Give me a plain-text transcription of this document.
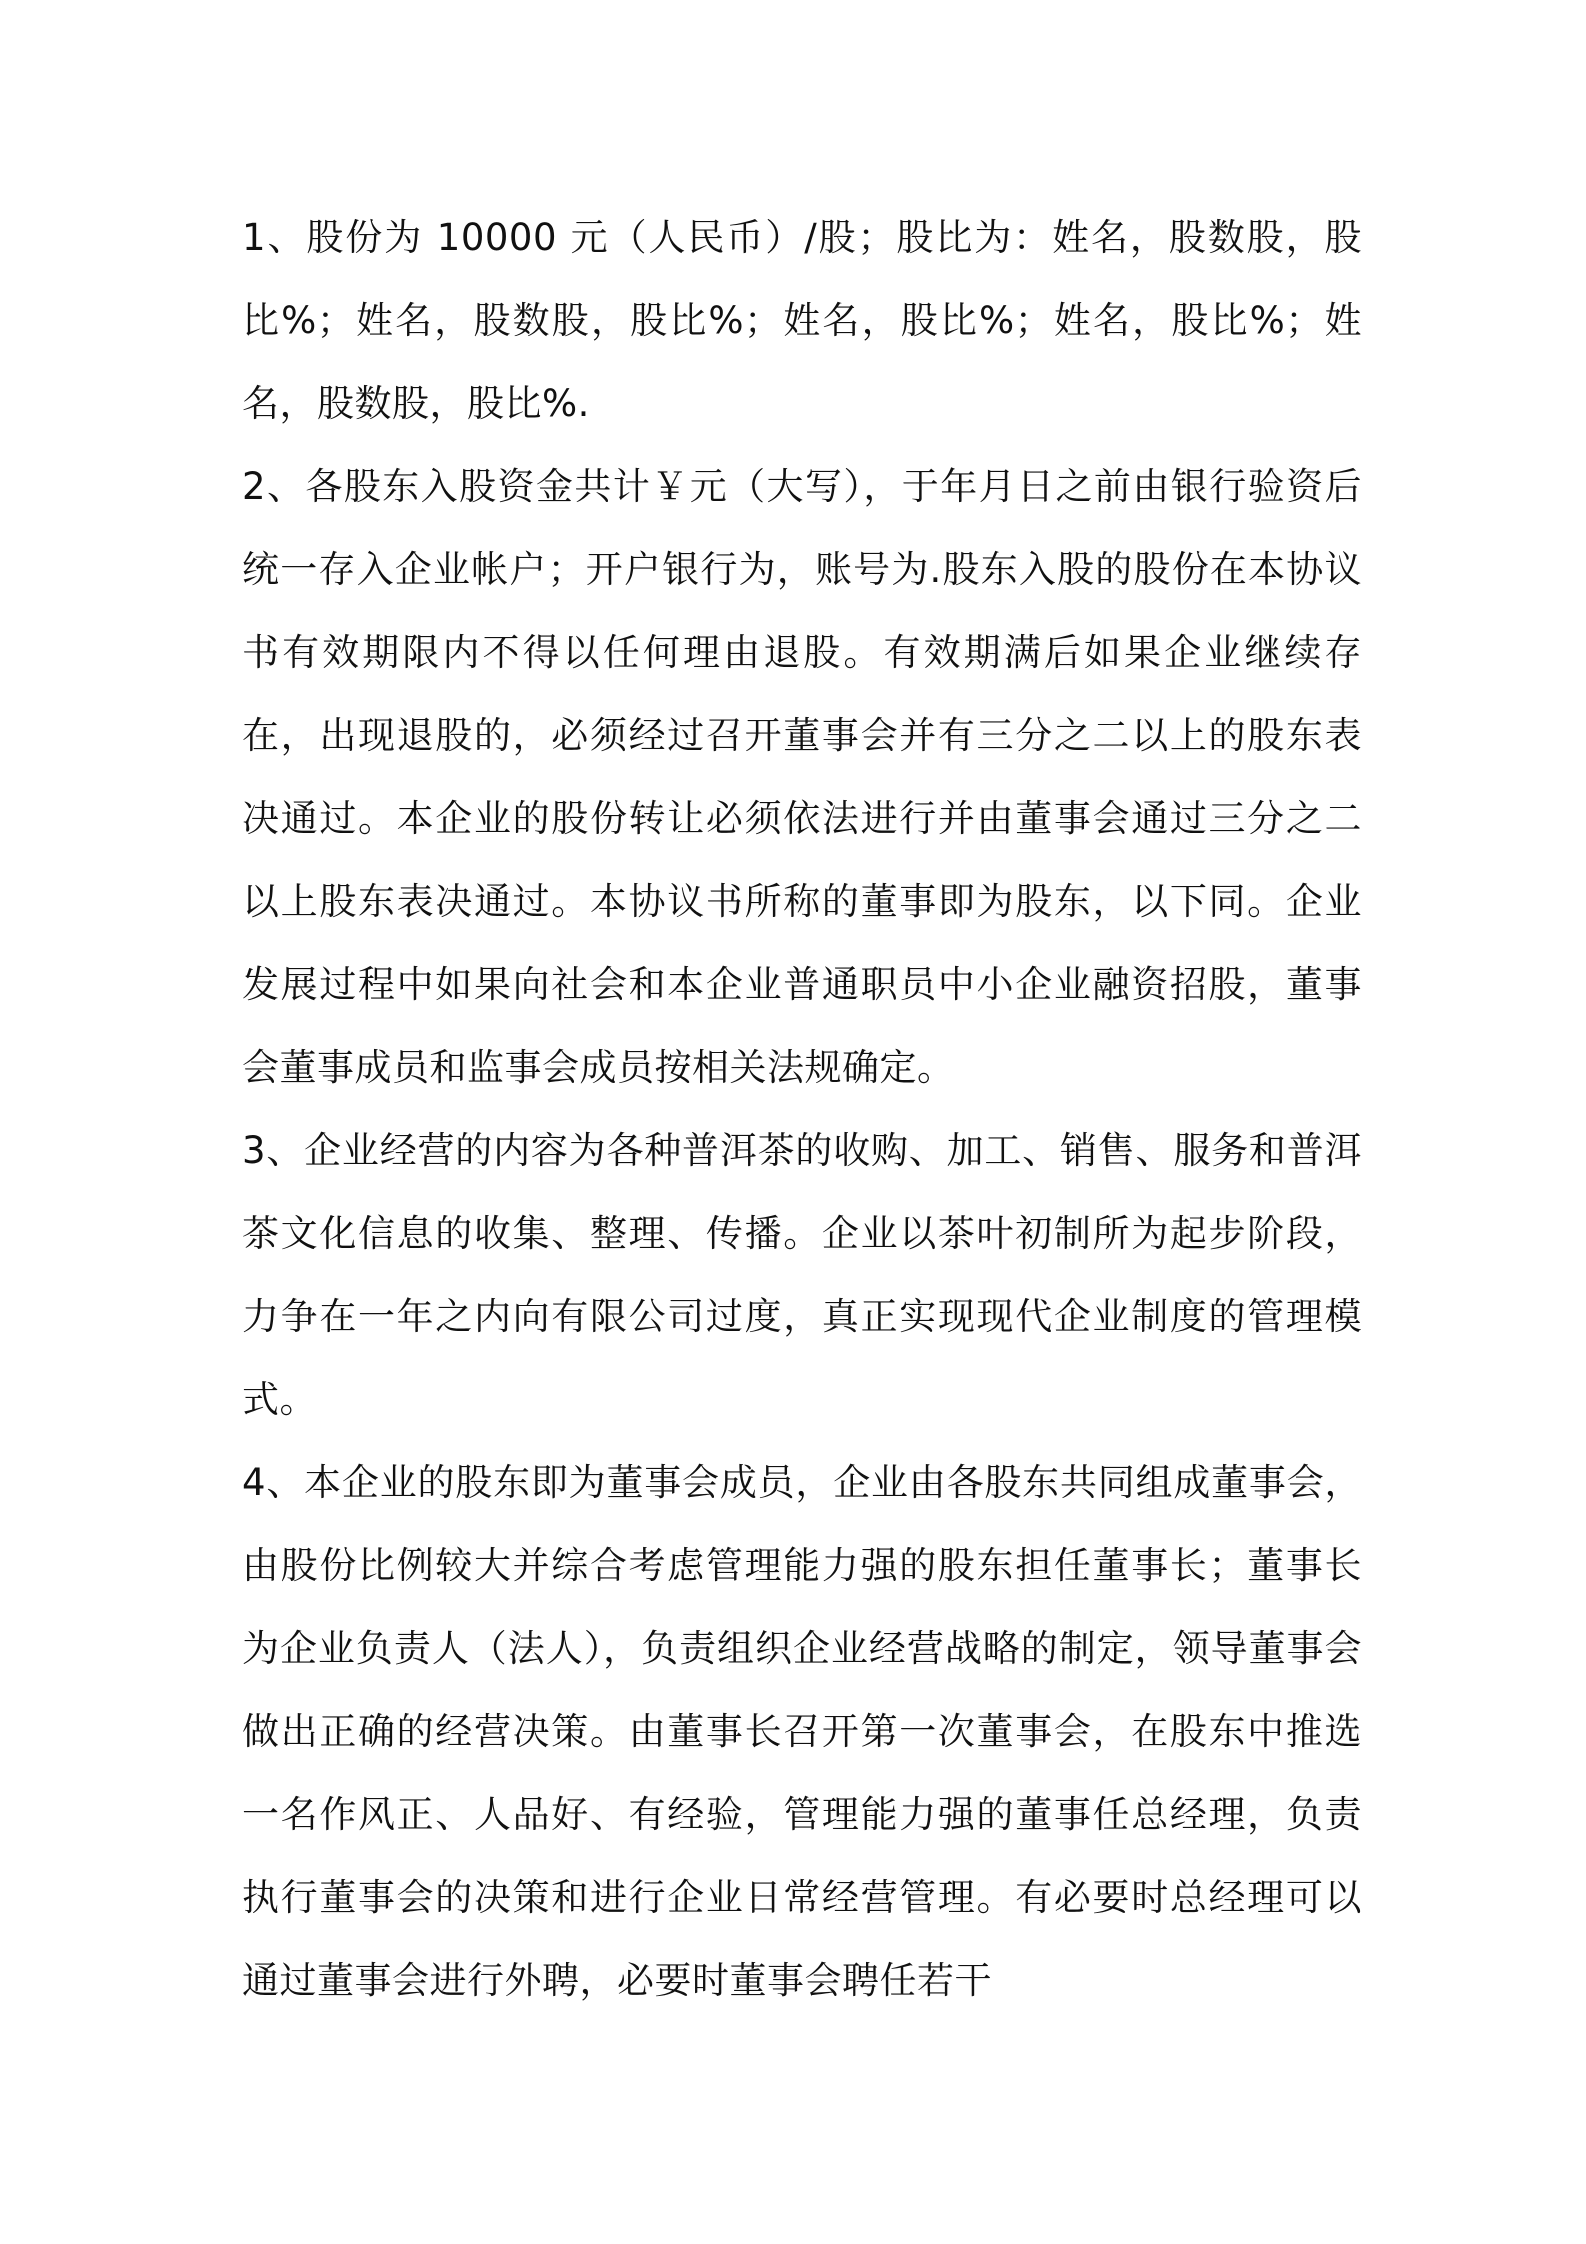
1、股份为 10000 元（人民币）/股；股比为：姓名，股数股，股比%；姓名，股数股，股比%；姓名，股比%；姓名，股比%；姓名，股数股，股比%.

2、各股东入股资金共计￥元（大写），于年月日之前由银行验资后统一存入企业帐户；开户银行为，账号为.股东入股的股份在本协议书有效期限内不得以任何理由退股。有效期满后如果企业继续存在，出现退股的，必须经过召开董事会并有三分之二以上的股东表决通过。本企业的股份转让必须依法进行并由董事会通过三分之二以上股东表决通过。本协议书所称的董事即为股东，以下同。企业发展过程中如果向社会和本企业普通职员中小企业融资招股，董事会董事成员和监事会成员按相关法规确定。

3、企业经营的内容为各种普洱茶的收购、加工、销售、服务和普洱茶文化信息的收集、整理、传播。企业以茶叶初制所为起步阶段，力争在一年之内向有限公司过度，真正实现现代企业制度的管理模式。

4、本企业的股东即为董事会成员，企业由各股东共同组成董事会，由股份比例较大并综合考虑管理能力强的股东担任董事长；董事长为企业负责人（法人），负责组织企业经营战略的制定，领导董事会做出正确的经营决策。由董事长召开第一次董事会，在股东中推选一名作风正、人品好、有经验，管理能力强的董事任总经理，负责执行董事会的决策和进行企业日常经营管理。有必要时总经理可以通过董事会进行外聘，必要时董事会聘任若干
